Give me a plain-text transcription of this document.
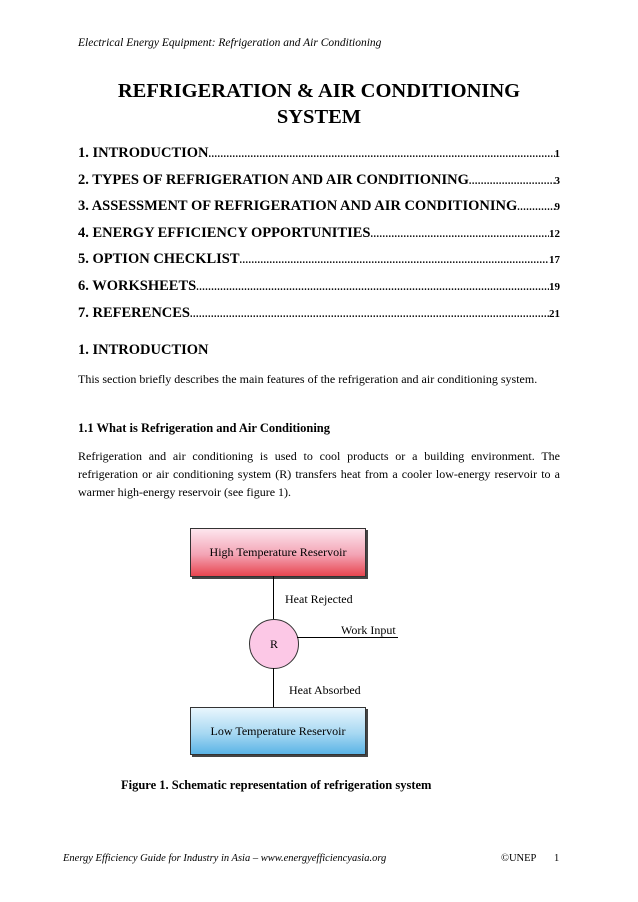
Electrical Energy Equipment: Refrigeration and Air Conditioning
REFRIGERATION & AIR CONDITIONING
SYSTEM
1. INTRODUCTION .....	1
2. TYPES OF REFRIGERATION AND AIR CONDITIONING .....	3
3. ASSESSMENT OF REFRIGERATION AND AIR CONDITIONING .....	9
4. ENERGY EFFICIENCY OPPORTUNITIES .....	12
5. OPTION CHECKLIST .....	17
6. WORKSHEETS .....	19
7. REFERENCES .....	21
1. INTRODUCTION
This section briefly describes the main features of the refrigeration and air conditioning system.
1.1 What is Refrigeration and Air Conditioning
Refrigeration and air conditioning is used to cool products or a building environment. The refrigeration or air conditioning system (R) transfers heat from a cooler low-energy reservoir to a warmer high-energy reservoir (see figure 1).
High Temperature Reservoir
Heat Rejected
R
Work Input
Heat Absorbed
Low Temperature Reservoir
Figure 1. Schematic representation of refrigeration system
Energy Efficiency Guide for Industry in Asia – www.energyefficiencyasia.org	©UNEP 1
